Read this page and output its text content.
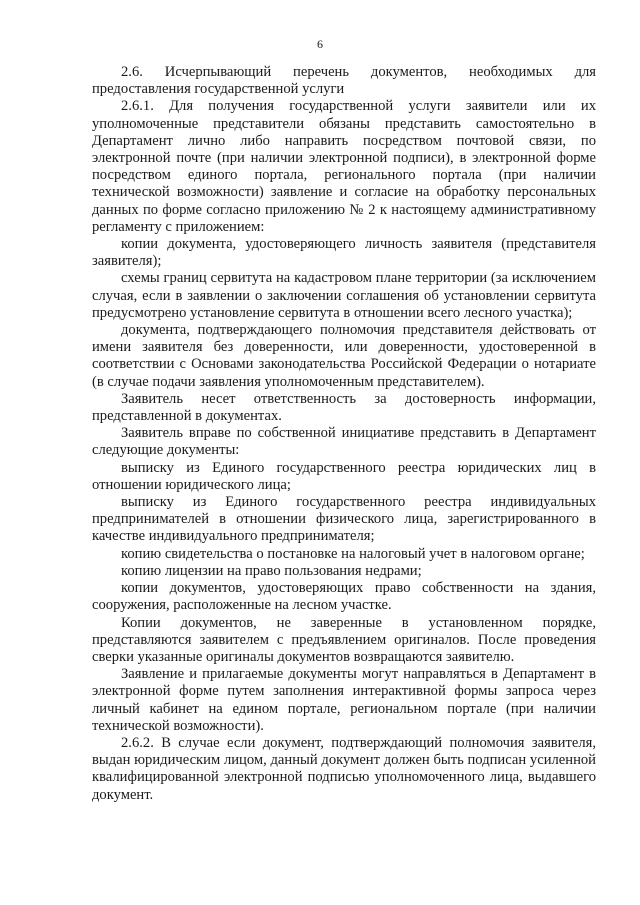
6

2.6. Исчерпывающий перечень документов, необходимых для предоставления государственной услуги

2.6.1. Для получения государственной услуги заявители или их уполномоченные представители обязаны представить самостоятельно в Департамент лично либо направить посредством почтовой связи, по электронной почте (при наличии электронной подписи), в электронной форме посредством единого портала, регионального портала (при наличии технической возможности) заявление и согласие на обработку персональных данных по форме согласно приложению № 2 к настоящему административному регламенту с приложением:

копии документа, удостоверяющего личность заявителя (представителя заявителя);

схемы границ сервитута на кадастровом плане территории (за исключением случая, если в заявлении о заключении соглашения об установлении сервитута предусмотрено установление сервитута в отношении всего лесного участка);

документа, подтверждающего полномочия представителя действовать от имени заявителя без доверенности, или доверенности, удостоверенной в соответствии с Основами законодательства Российской Федерации о нотариате (в случае подачи заявления уполномоченным представителем).

Заявитель несет ответственность за достоверность информации, представленной в документах.

Заявитель вправе по собственной инициативе представить в Департамент следующие документы:

выписку из Единого государственного реестра юридических лиц в отношении юридического лица;

выписку из Единого государственного реестра индивидуальных предпринимателей в отношении физического лица, зарегистрированного в качестве индивидуального предпринимателя;

копию свидетельства о постановке на налоговый учет в налоговом органе;

копию лицензии на право пользования недрами;

копии документов, удостоверяющих право собственности на здания, сооружения, расположенные на лесном участке.

Копии документов, не заверенные в установленном порядке, представляются заявителем с предъявлением оригиналов. После проведения сверки указанные оригиналы документов возвращаются заявителю.

Заявление и прилагаемые документы могут направляться в Департамент в электронной форме путем заполнения интерактивной формы запроса через личный кабинет на едином портале, региональном портале (при наличии технической возможности).

2.6.2. В случае если документ, подтверждающий полномочия заявителя, выдан юридическим лицом, данный документ должен быть подписан усиленной квалифицированной электронной подписью уполномоченного лица, выдавшего документ.
